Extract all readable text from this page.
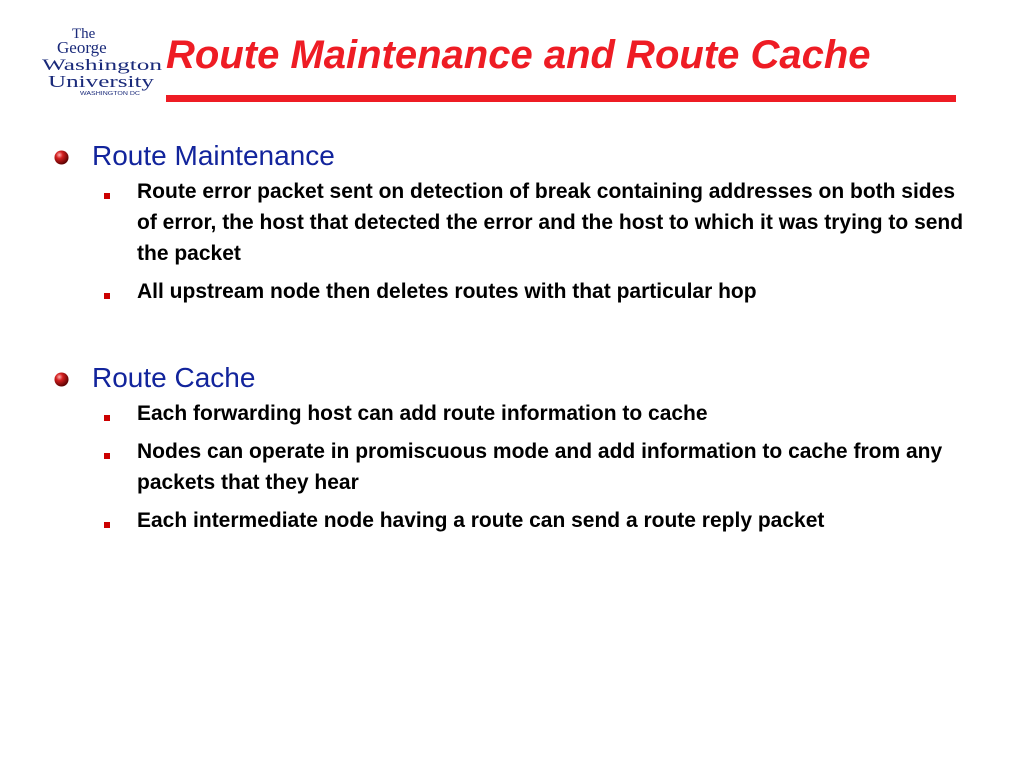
The
George
Washington
University
WASHINGTON DC
Route Maintenance and Route Cache
Route Maintenance
Route error packet sent on detection of break containing addresses on both sides of error, the host that detected the error and the host to which it was trying to send the packet
All upstream node then deletes routes with that particular hop
Route Cache
Each forwarding host can add route information to cache
Nodes can operate in promiscuous mode and add information to cache from any packets that they hear
Each intermediate node having a route can send a route reply packet
